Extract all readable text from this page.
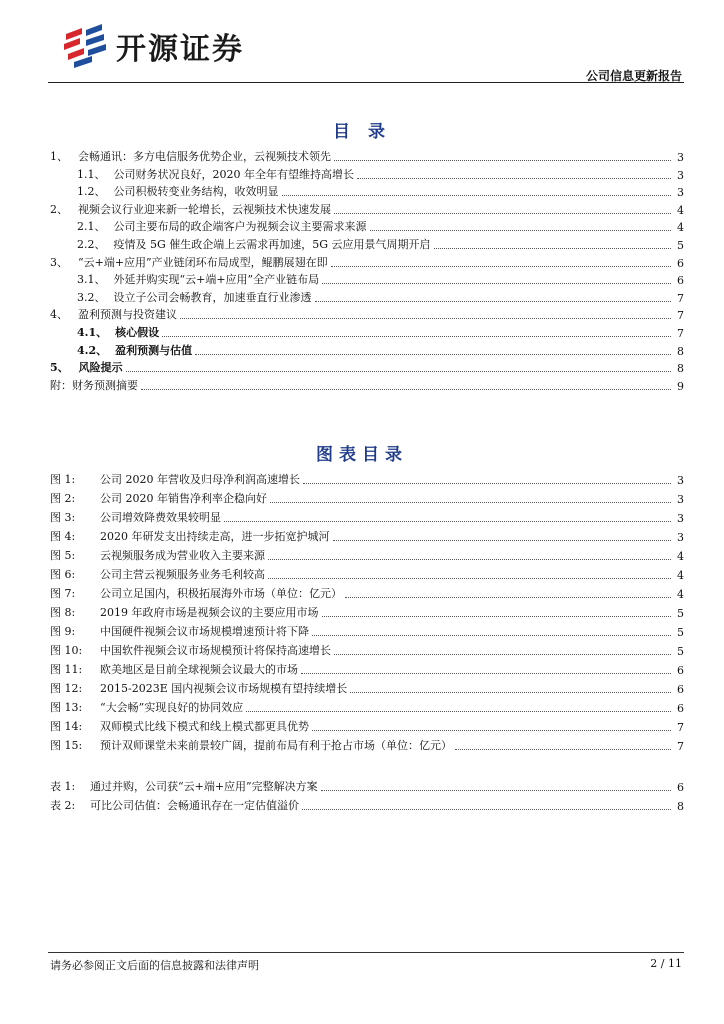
开源证券
公司信息更新报告
目 录
1、 会畅通讯：多方电信服务优势企业，云视频技术领先	3
1.1、 公司财务状况良好，2020 年全年有望维持高增长	3
1.2、 公司积极转变业务结构，收效明显	3
2、 视频会议行业迎来新一轮增长，云视频技术快速发展	4
2.1、 公司主要布局的政企端客户为视频会议主要需求来源	4
2.2、 疫情及 5G 催生政企端上云需求再加速，5G 云应用景气周期开启	5
3、 “云+端+应用”产业链闭环布局成型，鲲鹏展翅在即	6
3.1、 外延并购实现“云+端+应用”全产业链布局	6
3.2、 设立子公司会畅教育，加速垂直行业渗透	7
4、 盈利预测与投资建议	7
4.1、 核心假设	7
4.2、 盈利预测与估值	8
5、 风险提示	8
附： 财务预测摘要	9
图表目录
图 1:	公司 2020 年营收及归母净利润高速增长	3
图 2:	公司 2020 年销售净利率企稳向好	3
图 3:	公司增效降费效果较明显	3
图 4:	2020 年研发支出持续走高，进一步拓宽护城河	3
图 5:	云视频服务成为营业收入主要来源	4
图 6:	公司主营云视频服务业务毛利较高	4
图 7:	公司立足国内，积极拓展海外市场（单位：亿元）	4
图 8:	2019 年政府市场是视频会议的主要应用市场	5
图 9:	中国硬件视频会议市场规模增速预计将下降	5
图 10:	中国软件视频会议市场规模预计将保持高速增长	5
图 11:	欧美地区是目前全球视频会议最大的市场	6
图 12:	2015-2023E 国内视频会议市场规模有望持续增长	6
图 13:	“大会畅”实现良好的协同效应	6
图 14:	双师模式比线下模式和线上模式都更具优势	7
图 15:	预计双师课堂未来前景较广阔，提前布局有利于抢占市场（单位：亿元）	7
表 1:	通过并购，公司获“云+端+应用”完整解决方案	6
表 2:	可比公司估值：会畅通讯存在一定估值溢价	8
请务必参阅正文后面的信息披露和法律声明	2 / 11
